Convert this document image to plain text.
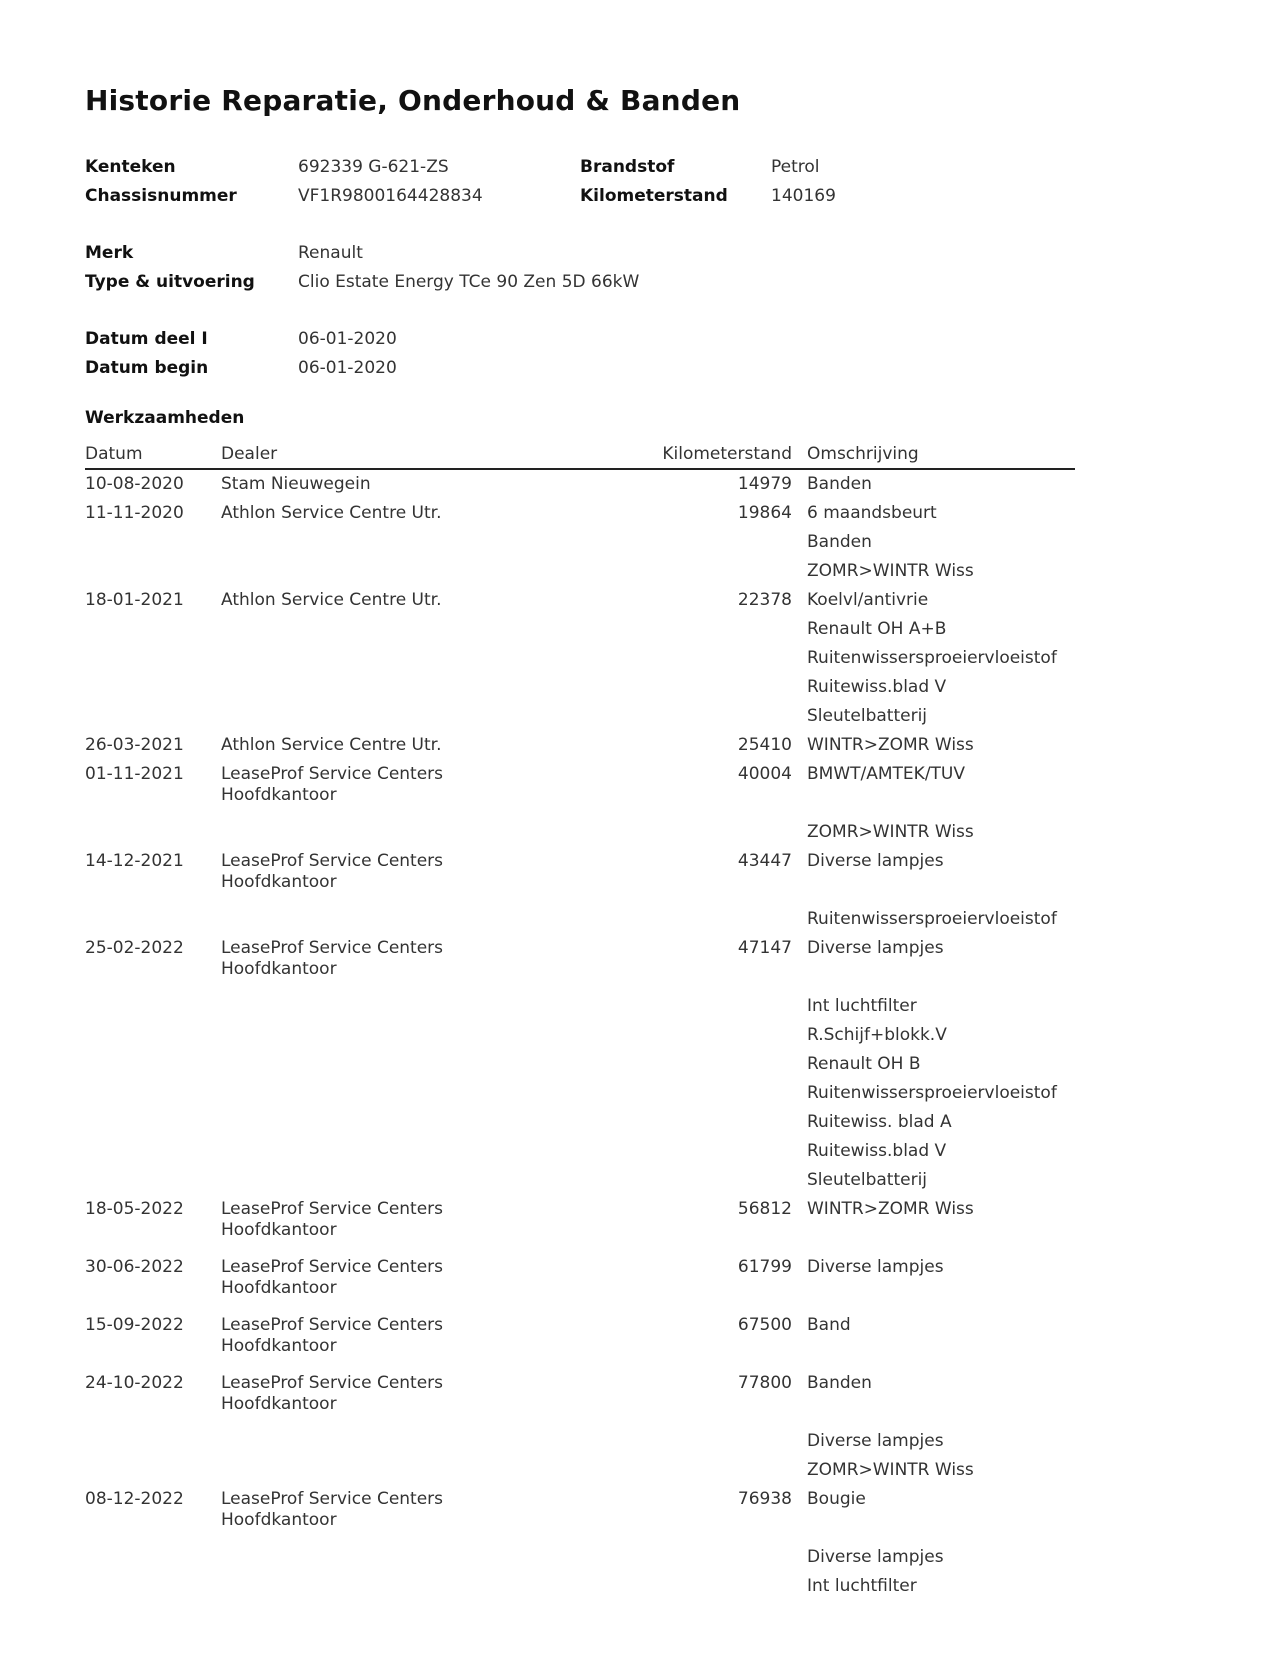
Historie Reparatie, Onderhoud & Banden
Kenteken	692339 G-621-ZS	Brandstof	Petrol
Chassisnummer	VF1R9800164428834	Kilometerstand	140169
Merk	Renault
Type & uitvoering	Clio Estate Energy TCe 90 Zen 5D 66kW
Datum deel I	06-01-2020
Datum begin	06-01-2020
Werkzaamheden
Datum	Dealer	Kilometerstand Omschrijving
10-08-2020 Stam Nieuwegein	14979 Banden
11-11-2020 Athlon Service Centre Utr.	19864 6 maandsbeurt
Banden
ZOMR>WINTR Wiss
18-01-2021 Athlon Service Centre Utr.	22378 Koelvl/antivrie
Renault OH A+B
Ruitenwissersproeiervloeistof
Ruitewiss.blad V
Sleutelbatterij
26-03-2021 Athlon Service Centre Utr.	25410 WINTR>ZOMR Wiss
01-11-2021 LeaseProf Service Centers Hoofdkantoor
40004 BMWT/AMTEK/TUV
ZOMR>WINTR Wiss
14-12-2021 LeaseProf Service Centers Hoofdkantoor
43447 Diverse lampjes
Ruitenwissersproeiervloeistof
25-02-2022 LeaseProf Service Centers Hoofdkantoor
47147 Diverse lampjes
Int luchtfilter
R.Schijf+blokk.V
Renault OH B
Ruitenwissersproeiervloeistof
Ruitewiss. blad A
Ruitewiss.blad V
Sleutelbatterij
18-05-2022 LeaseProf Service Centers Hoofdkantoor
56812 WINTR>ZOMR Wiss
30-06-2022 LeaseProf Service Centers Hoofdkantoor
61799 Diverse lampjes
15-09-2022 LeaseProf Service Centers Hoofdkantoor
67500 Band
24-10-2022 LeaseProf Service Centers Hoofdkantoor
77800 Banden
Diverse lampjes
ZOMR>WINTR Wiss
08-12-2022 LeaseProf Service Centers Hoofdkantoor
76938 Bougie
Diverse lampjes
Int luchtfilter
